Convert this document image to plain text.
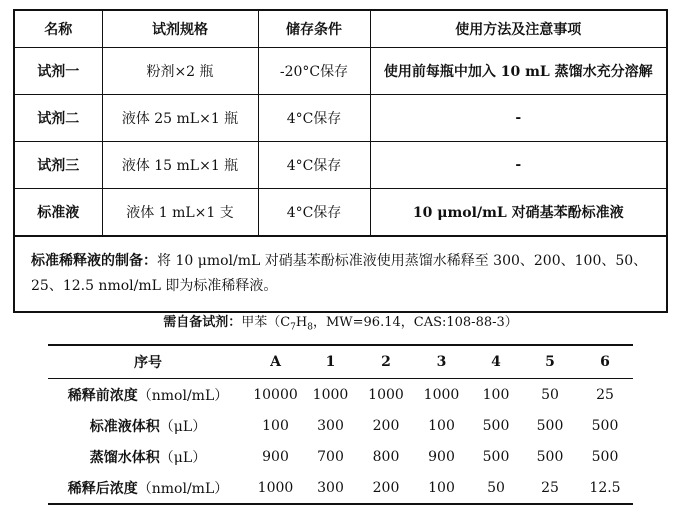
名称	试剂规格	储存条件	使用方法及注意事项
试剂一	粉剂×2 瓶	-20°C保存	使用前每瓶中加入 10 mL 蒸馏水充分溶解
试剂二	液体 25 mL×1 瓶	4°C保存	-
试剂三	液体 15 mL×1 瓶	4°C保存	-
标准液	液体 1 mL×1 支	4°C保存	10 μmol/mL 对硝基苯酚标准液
标准稀释液的制备：将 10 μmol/mL 对硝基苯酚标准液使用蒸馏水稀释至 300、200、100、50、25、12.5 nmol/mL 即为标准稀释液。			
需自备试剂：甲苯（$C_7H_8$，MW=96.14，CAS:108-88-3）
序号	A	1	2	3	4	5	6
稀释前浓度（nmol/mL）	10000	1000	1000	1000	100	50	25
标准液体积（μL）	100	300	200	100	500	500	500
蒸馏水体积（μL）	900	700	800	900	500	500	500
稀释后浓度（nmol/mL）	1000	300	200	100	50	25	12.5
